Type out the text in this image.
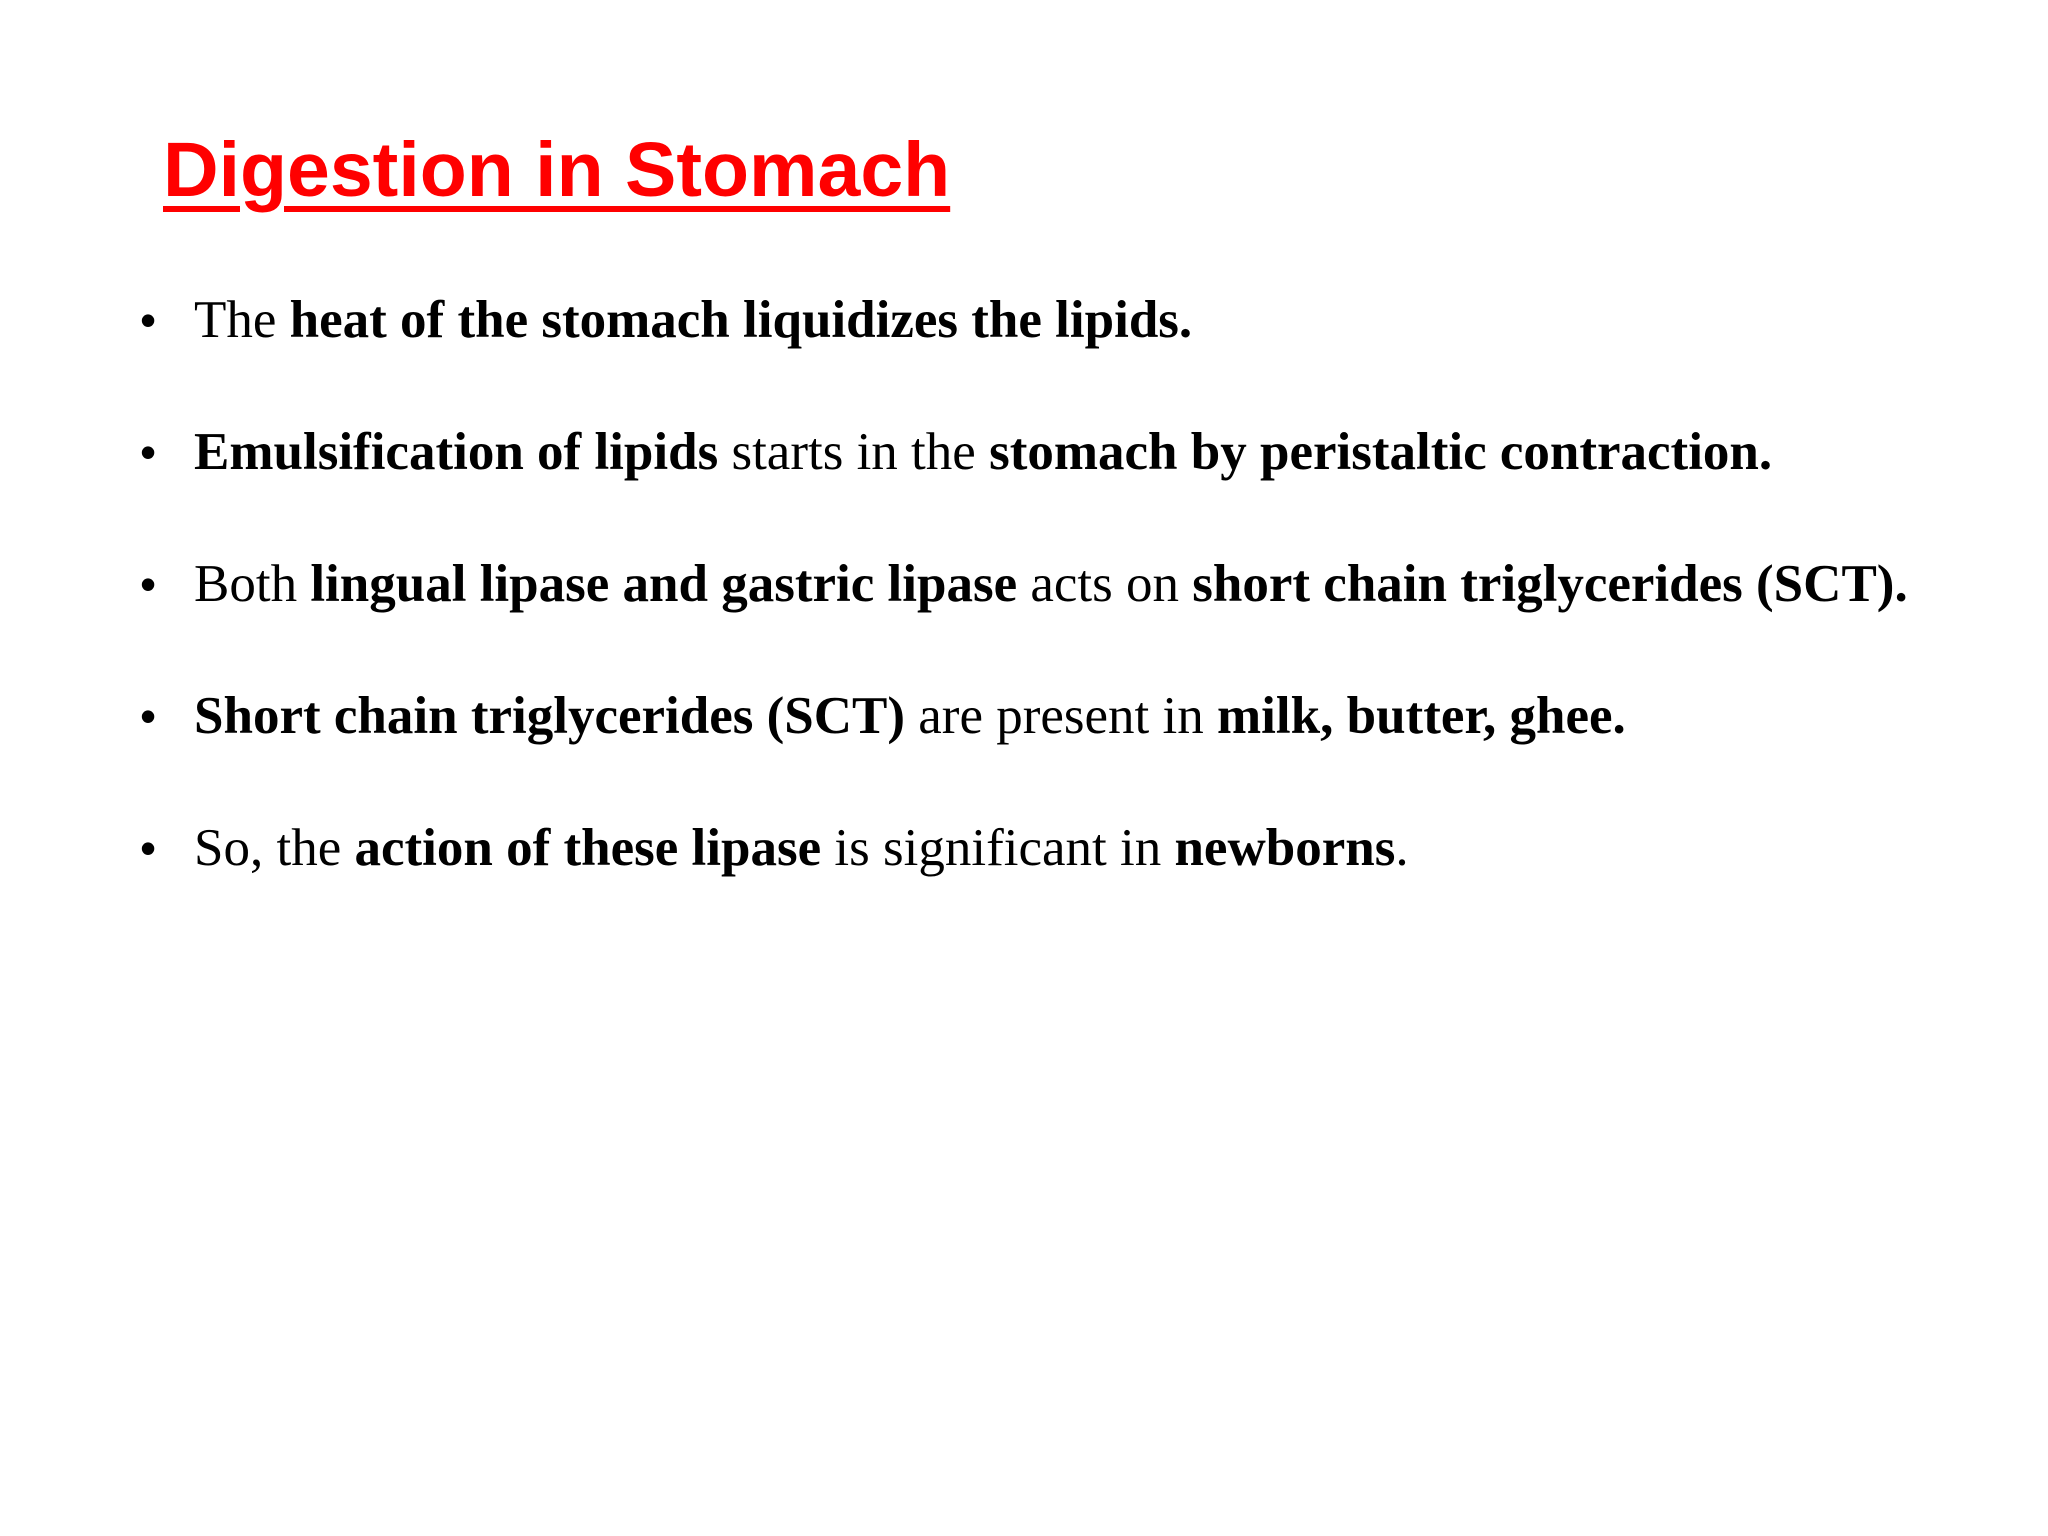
Digestion in Stomach
• The heat of the stomach liquidizes the lipids.
• Emulsification of lipids starts in the stomach by peristaltic contraction.
• Both lingual lipase and gastric lipase acts on short chain triglycerides (SCT).
• Short chain triglycerides (SCT) are present in milk, butter, ghee.
• So, the action of these lipase is significant in newborns.
